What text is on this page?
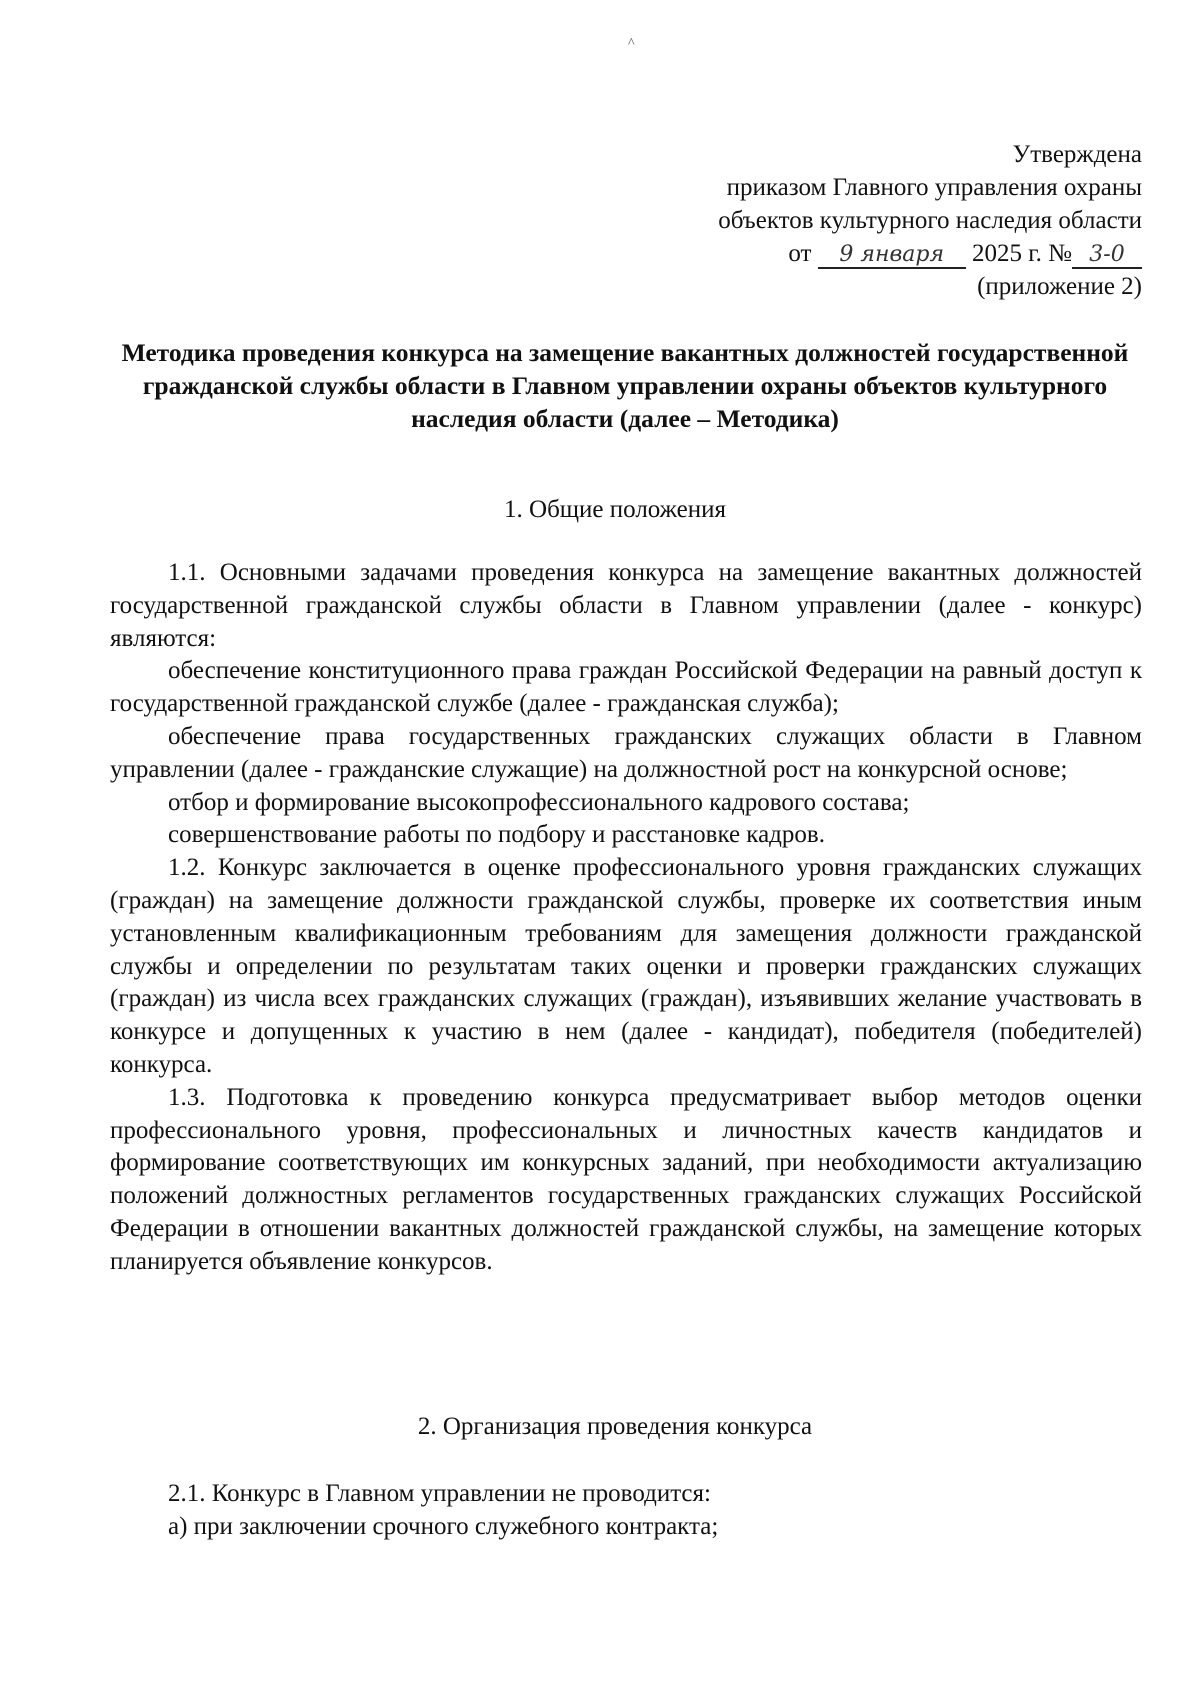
^
Утверждена
приказом Главного управления охраны
объектов культурного наследия области
от 9 января 2025 г. № 3-0
(приложение 2)
Методика проведения конкурса на замещение вакантных должностей государственной гражданской службы области в Главном управлении охраны объектов культурного наследия области (далее – Методика)
1. Общие положения

1.1. Основными задачами проведения конкурса на замещение вакантных должностей государственной гражданской службы области в Главном управлении (далее - конкурс) являются:

обеспечение конституционного права граждан Российской Федерации на равный доступ к государственной гражданской службе (далее - гражданская служба);

обеспечение права государственных гражданских служащих области в Главном управлении (далее - гражданские служащие) на должностной рост на конкурсной основе;

отбор и формирование высокопрофессионального кадрового состава;

совершенствование работы по подбору и расстановке кадров.

1.2. Конкурс заключается в оценке профессионального уровня гражданских служащих (граждан) на замещение должности гражданской службы, проверке их соответствия иным установленным квалификационным требованиям для замещения должности гражданской службы и определении по результатам таких оценки и проверки гражданских служащих (граждан) из числа всех гражданских служащих (граждан), изъявивших желание участвовать в конкурсе и допущенных к участию в нем (далее - кандидат), победителя (победителей) конкурса.

1.3. Подготовка к проведению конкурса предусматривает выбор методов оценки профессионального уровня, профессиональных и личностных качеств кандидатов и формирование соответствующих им конкурсных заданий, при необходимости актуализацию положений должностных регламентов государственных гражданских служащих Российской Федерации в отношении вакантных должностей гражданской службы, на замещение которых планируется объявление конкурсов.

2. Организация проведения конкурса

2.1. Конкурс в Главном управлении не проводится:

а) при заключении срочного служебного контракта;
